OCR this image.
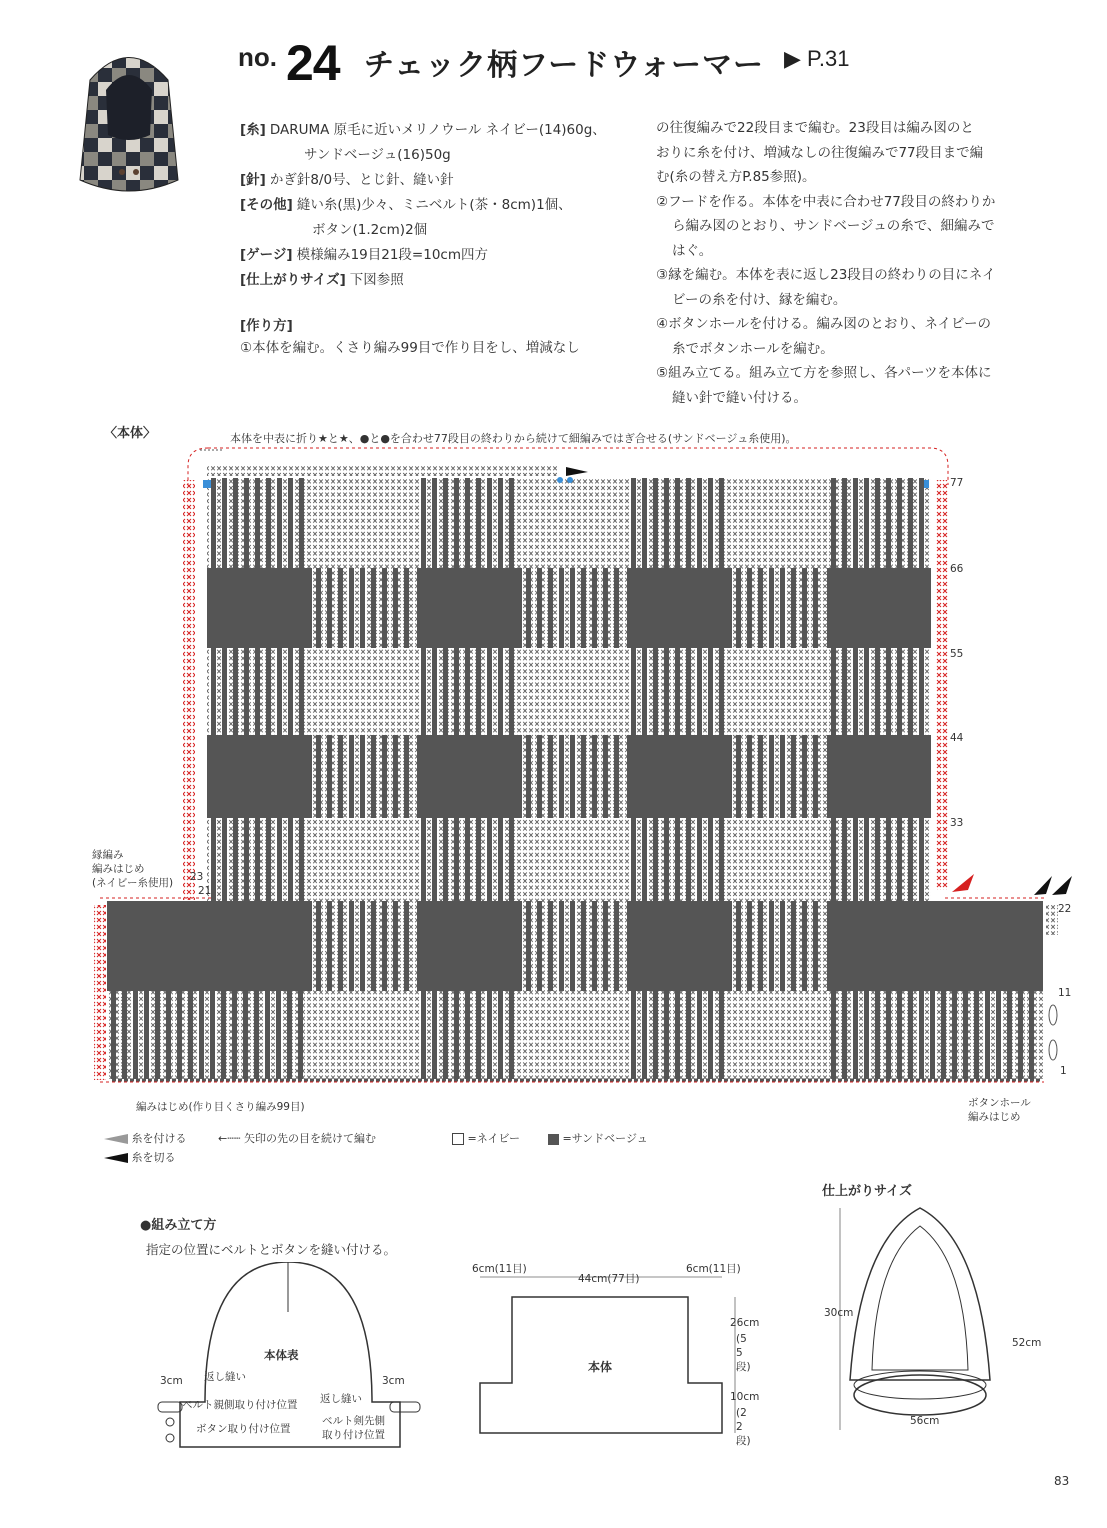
no. 24 チェック柄フードウォーマー ▶ P.31
[糸] DARUMA 原毛に近いメリノウール ネイビー(14)60g、
サンドベージュ(16)50g
[針] かぎ針8/0号、とじ針、縫い針
[その他] 縫い糸(黒)少々、ミニベルト(茶・8cm)1個、
ボタン(1.2cm)2個
[ゲージ] 模様編み19目21段=10cm四方
[仕上がりサイズ] 下図参照
[作り方]
①本体を編む。くさり編み99目で作り目をし、増減なし
の往復編みで22段目まで編む。23段目は編み図のと
おりに糸を付け、増減なしの往復編みで77段目まで編
む(糸の替え方P.85参照)。
②フードを作る。本体を中表に合わせ77段目の終わりか
ら編み図のとおり、サンドベージュの糸で、細編みで
はぐ。
③縁を編む。本体を表に返し23段目の終わりの目にネイ
ビーの糸を付け、縁を編む。
④ボタンホールを付ける。編み図のとおり、ネイビーの
糸でボタンホールを編む。
⑤組み立てる。組み立て方を参照し、各パーツを本体に
縫い針で縫い付ける。
〈本体〉	本体を中表に折り★と★、●と●を合わせ77段目の終わりから続けて細編みではぎ合せる(サンドベージュ糸使用)。
77
66
55
44
33
22
11
1
23
21
縁編み
編みはじめ
(ネイビー糸使用)
編みはじめ(作り目くさり編み99目)	ボタンホール
編みはじめ
糸を付ける
糸を切る
←┄┄ 矢印の先の目を続けて編む	=ネイビー	=サンドベージュ
●組み立て方
指定の位置にベルトとボタンを縫い付ける。
本体表
3cm	3cm
返し縫い
返し縫い
ベルト親側取り付け位置
ボタン取り付け位置
ベルト剣先側
取り付け位置
6cm(11目)
44cm(77目)
6cm(11目)
26cm
(55段)
10cm
(22段)
本体
仕上がりサイズ
30cm
52cm
56cm
83
